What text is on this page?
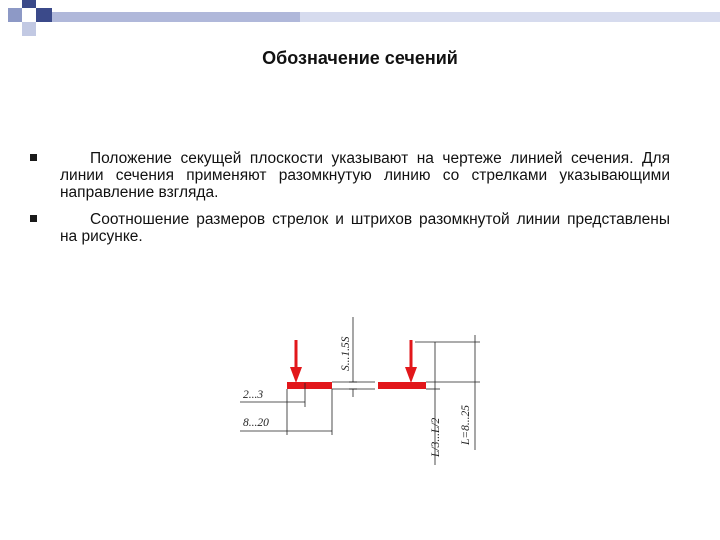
Обозначение сечений

Положение секущей плоскости указывают на чертеже линией сечения. Для линии сечения применяют разомкнутую линию со стрелками указывающими направление взгляда.

Соотношение размеров стрелок и штрихов разомкнутой линии представлены на рисунке.

S...1.5S
2...3
8...20	L/3...L/2 L=8...25
